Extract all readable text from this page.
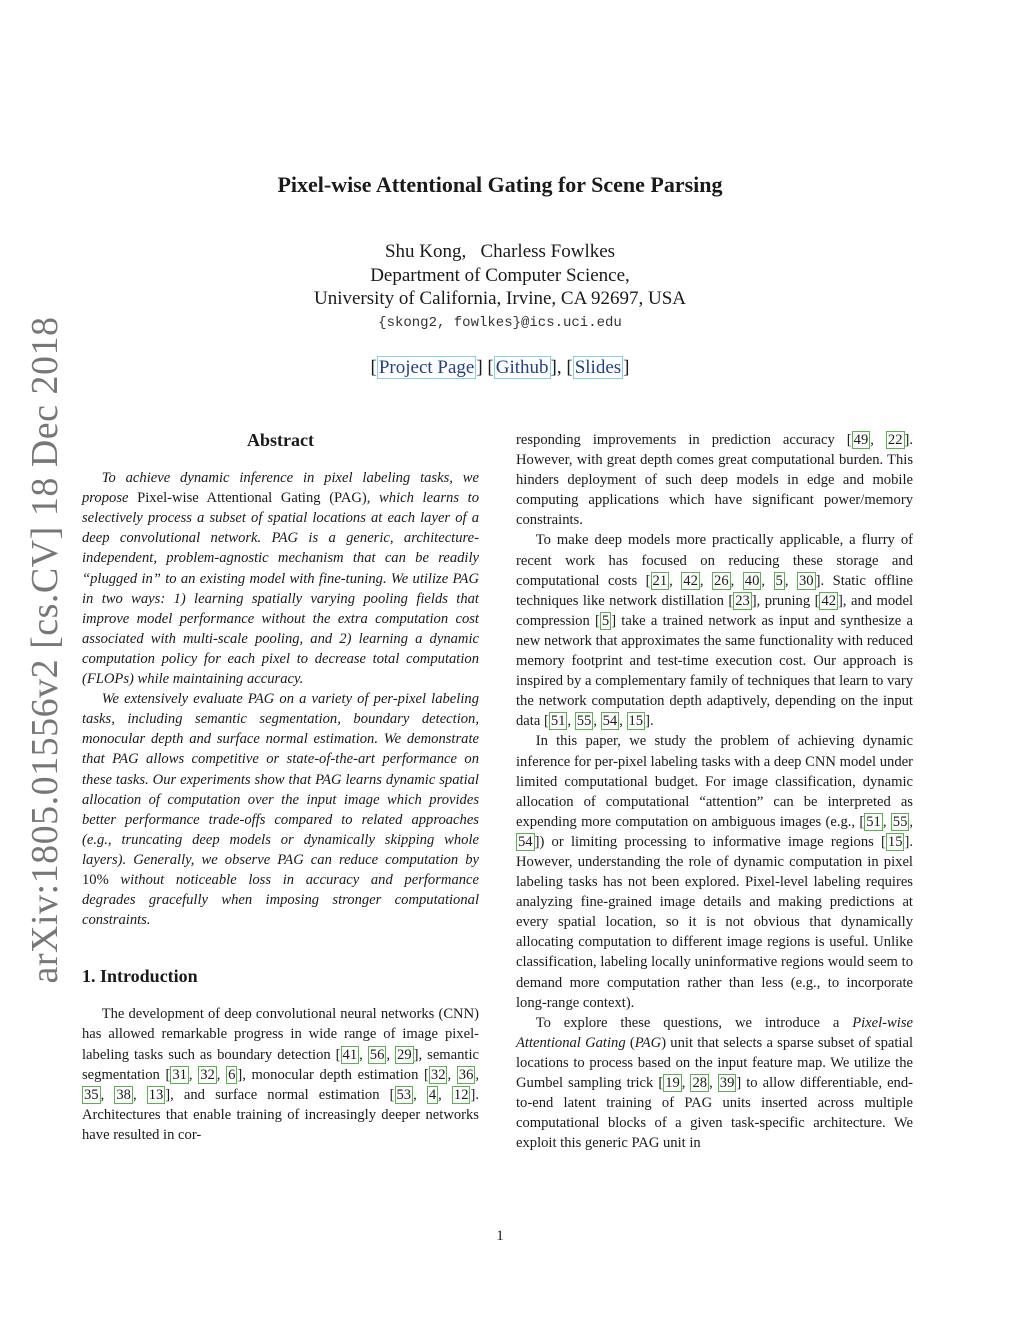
arXiv:1805.01556v2 [cs.CV] 18 Dec 2018
Pixel-wise Attentional Gating for Scene Parsing
Shu Kong,   Charless Fowlkes
Department of Computer Science,
University of California, Irvine, CA 92697, USA
{skong2, fowlkes}@ics.uci.edu
[ Project Page ] [ Github ], [ Slides ]
Abstract

To achieve dynamic inference in pixel labeling tasks, we propose Pixel-wise Attentional Gating (PAG), which learns to selectively process a subset of spatial locations at each layer of a deep convolutional network. PAG is a generic, architecture-independent, problem-agnostic mechanism that can be readily “plugged in” to an existing model with fine-tuning. We utilize PAG in two ways: 1) learning spatially varying pooling fields that improve model performance without the extra computation cost associated with multi-scale pooling, and 2) learning a dynamic computation policy for each pixel to decrease total computation (FLOPs) while maintaining accuracy.

We extensively evaluate PAG on a variety of per-pixel labeling tasks, including semantic segmentation, boundary detection, monocular depth and surface normal estimation. We demonstrate that PAG allows competitive or state-of-the-art performance on these tasks. Our experiments show that PAG learns dynamic spatial allocation of computation over the input image which provides better performance trade-offs compared to related approaches (e.g., truncating deep models or dynamically skipping whole layers). Generally, we observe PAG can reduce computation by 10% without noticeable loss in accuracy and performance degrades gracefully when imposing stronger computational constraints.

1. Introduction

The development of deep convolutional neural networks (CNN) has allowed remarkable progress in wide range of image pixel-labeling tasks such as boundary detection [ 41 , 56 , 29 ], semantic segmentation [ 31 , 32 , 6 ], monocular depth estimation [ 32 , 36 , 35 , 38 , 13 ], and surface normal estimation [ 53 , 4 , 12 ]. Architectures that enable training of increasingly deeper networks have resulted in cor-

responding improvements in prediction accuracy [ 49 , 22 ]. However, with great depth comes great computational burden. This hinders deployment of such deep models in edge and mobile computing applications which have significant power/memory constraints.

To make deep models more practically applicable, a flurry of recent work has focused on reducing these storage and computational costs [ 21 , 42 , 26 , 40 , 5 , 30 ]. Static offline techniques like network distillation [ 23 ], pruning [ 42 ], and model compression [ 5 ] take a trained network as input and synthesize a new network that approximates the same functionality with reduced memory footprint and test-time execution cost. Our approach is inspired by a complementary family of techniques that learn to vary the network computation depth adaptively, depending on the input data [ 51 , 55 , 54 , 15 ].

In this paper, we study the problem of achieving dynamic inference for per-pixel labeling tasks with a deep CNN model under limited computational budget. For image classification, dynamic allocation of computational “attention” can be interpreted as expending more computation on ambiguous images (e.g., [ 51 , 55 , 54 ]) or limiting processing to informative image regions [ 15 ]. However, understanding the role of dynamic computation in pixel labeling tasks has not been explored. Pixel-level labeling requires analyzing fine-grained image details and making predictions at every spatial location, so it is not obvious that dynamically allocating computation to different image regions is useful. Unlike classification, labeling locally uninformative regions would seem to demand more computation rather than less (e.g., to incorporate long-range context).

To explore these questions, we introduce a Pixel-wise Attentional Gating (PAG) unit that selects a sparse subset of spatial locations to process based on the input feature map. We utilize the Gumbel sampling trick [ 19 , 28 , 39 ] to allow differentiable, end-to-end latent training of PAG units inserted across multiple computational blocks of a given task-specific architecture. We exploit this generic PAG unit in

1
